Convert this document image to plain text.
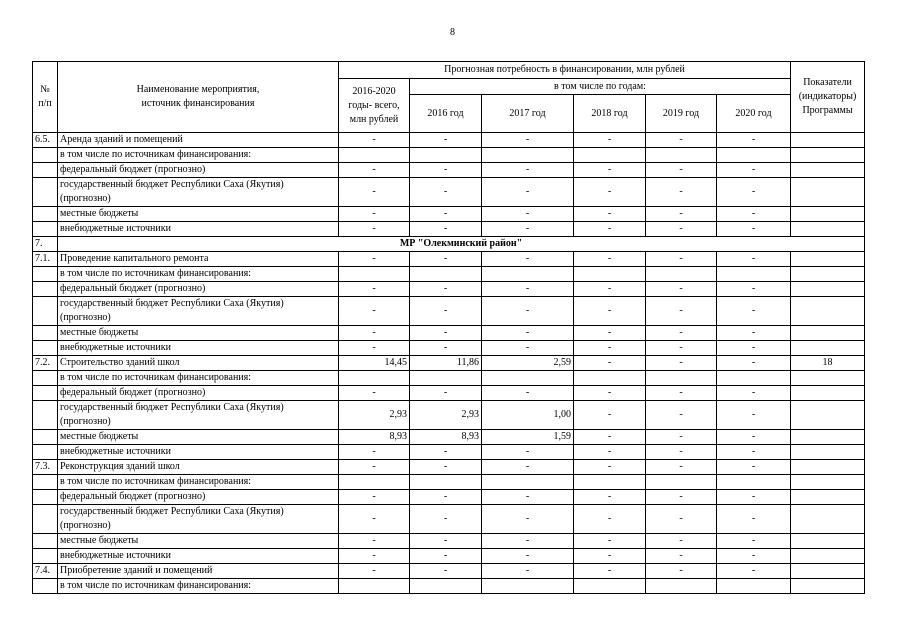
8
№ п/п	Наименование мероприятия,
источник финансирования	Прогнозная потребность в финансировании, млн рублей						Показатели
(индикаторы)
Программы
		2016-2020
годы- всего,
млн рублей	в том числе по годам:					
			2016 год	2017 год	2018 год	2019 год	2020 год	
6.5.	Аренда зданий и помещений	-	-	-	-	-	-	
	в том числе по источникам финансирования:							
	федеральный бюджет (прогнозно)	-	-	-	-	-	-	
	государственный бюджет Республики Саха (Якутия) (прогнозно)	-	-	-	-	-	-	
	местные бюджеты	-	-	-	-	-	-	
	внебюджетные источники	-	-	-	-	-	-	
7.	МР "Олекминский район"							
7.1.	Проведение капитального ремонта	-	-	-	-	-	-	
	в том числе по источникам финансирования:							
	федеральный бюджет (прогнозно)	-	-	-	-	-	-	
	государственный бюджет Республики Саха (Якутия) (прогнозно)	-	-	-	-	-	-	
	местные бюджеты	-	-	-	-	-	-	
	внебюджетные источники	-	-	-	-	-	-	
7.2.	Строительство зданий школ	14,45	11,86	2,59	-	-	-	18
	в том числе по источникам финансирования:							
	федеральный бюджет (прогнозно)	-	-	-	-	-	-	
	государственный бюджет Республики Саха (Якутия) (прогнозно)	2,93	2,93	1,00	-	-	-	
	местные бюджеты	8,93	8,93	1,59	-	-	-	
	внебюджетные источники	-	-	-	-	-	-	
7.3.	Реконструкция зданий школ	-	-	-	-	-	-	
	в том числе по источникам финансирования:							
	федеральный бюджет (прогнозно)	-	-	-	-	-	-	
	государственный бюджет Республики Саха (Якутия) (прогнозно)	-	-	-	-	-	-	
	местные бюджеты	-	-	-	-	-	-	
	внебюджетные источники	-	-	-	-	-	-	
7.4.	Приобретение зданий и помещений	-	-	-	-	-	-	
	в том числе по источникам финансирования:							
